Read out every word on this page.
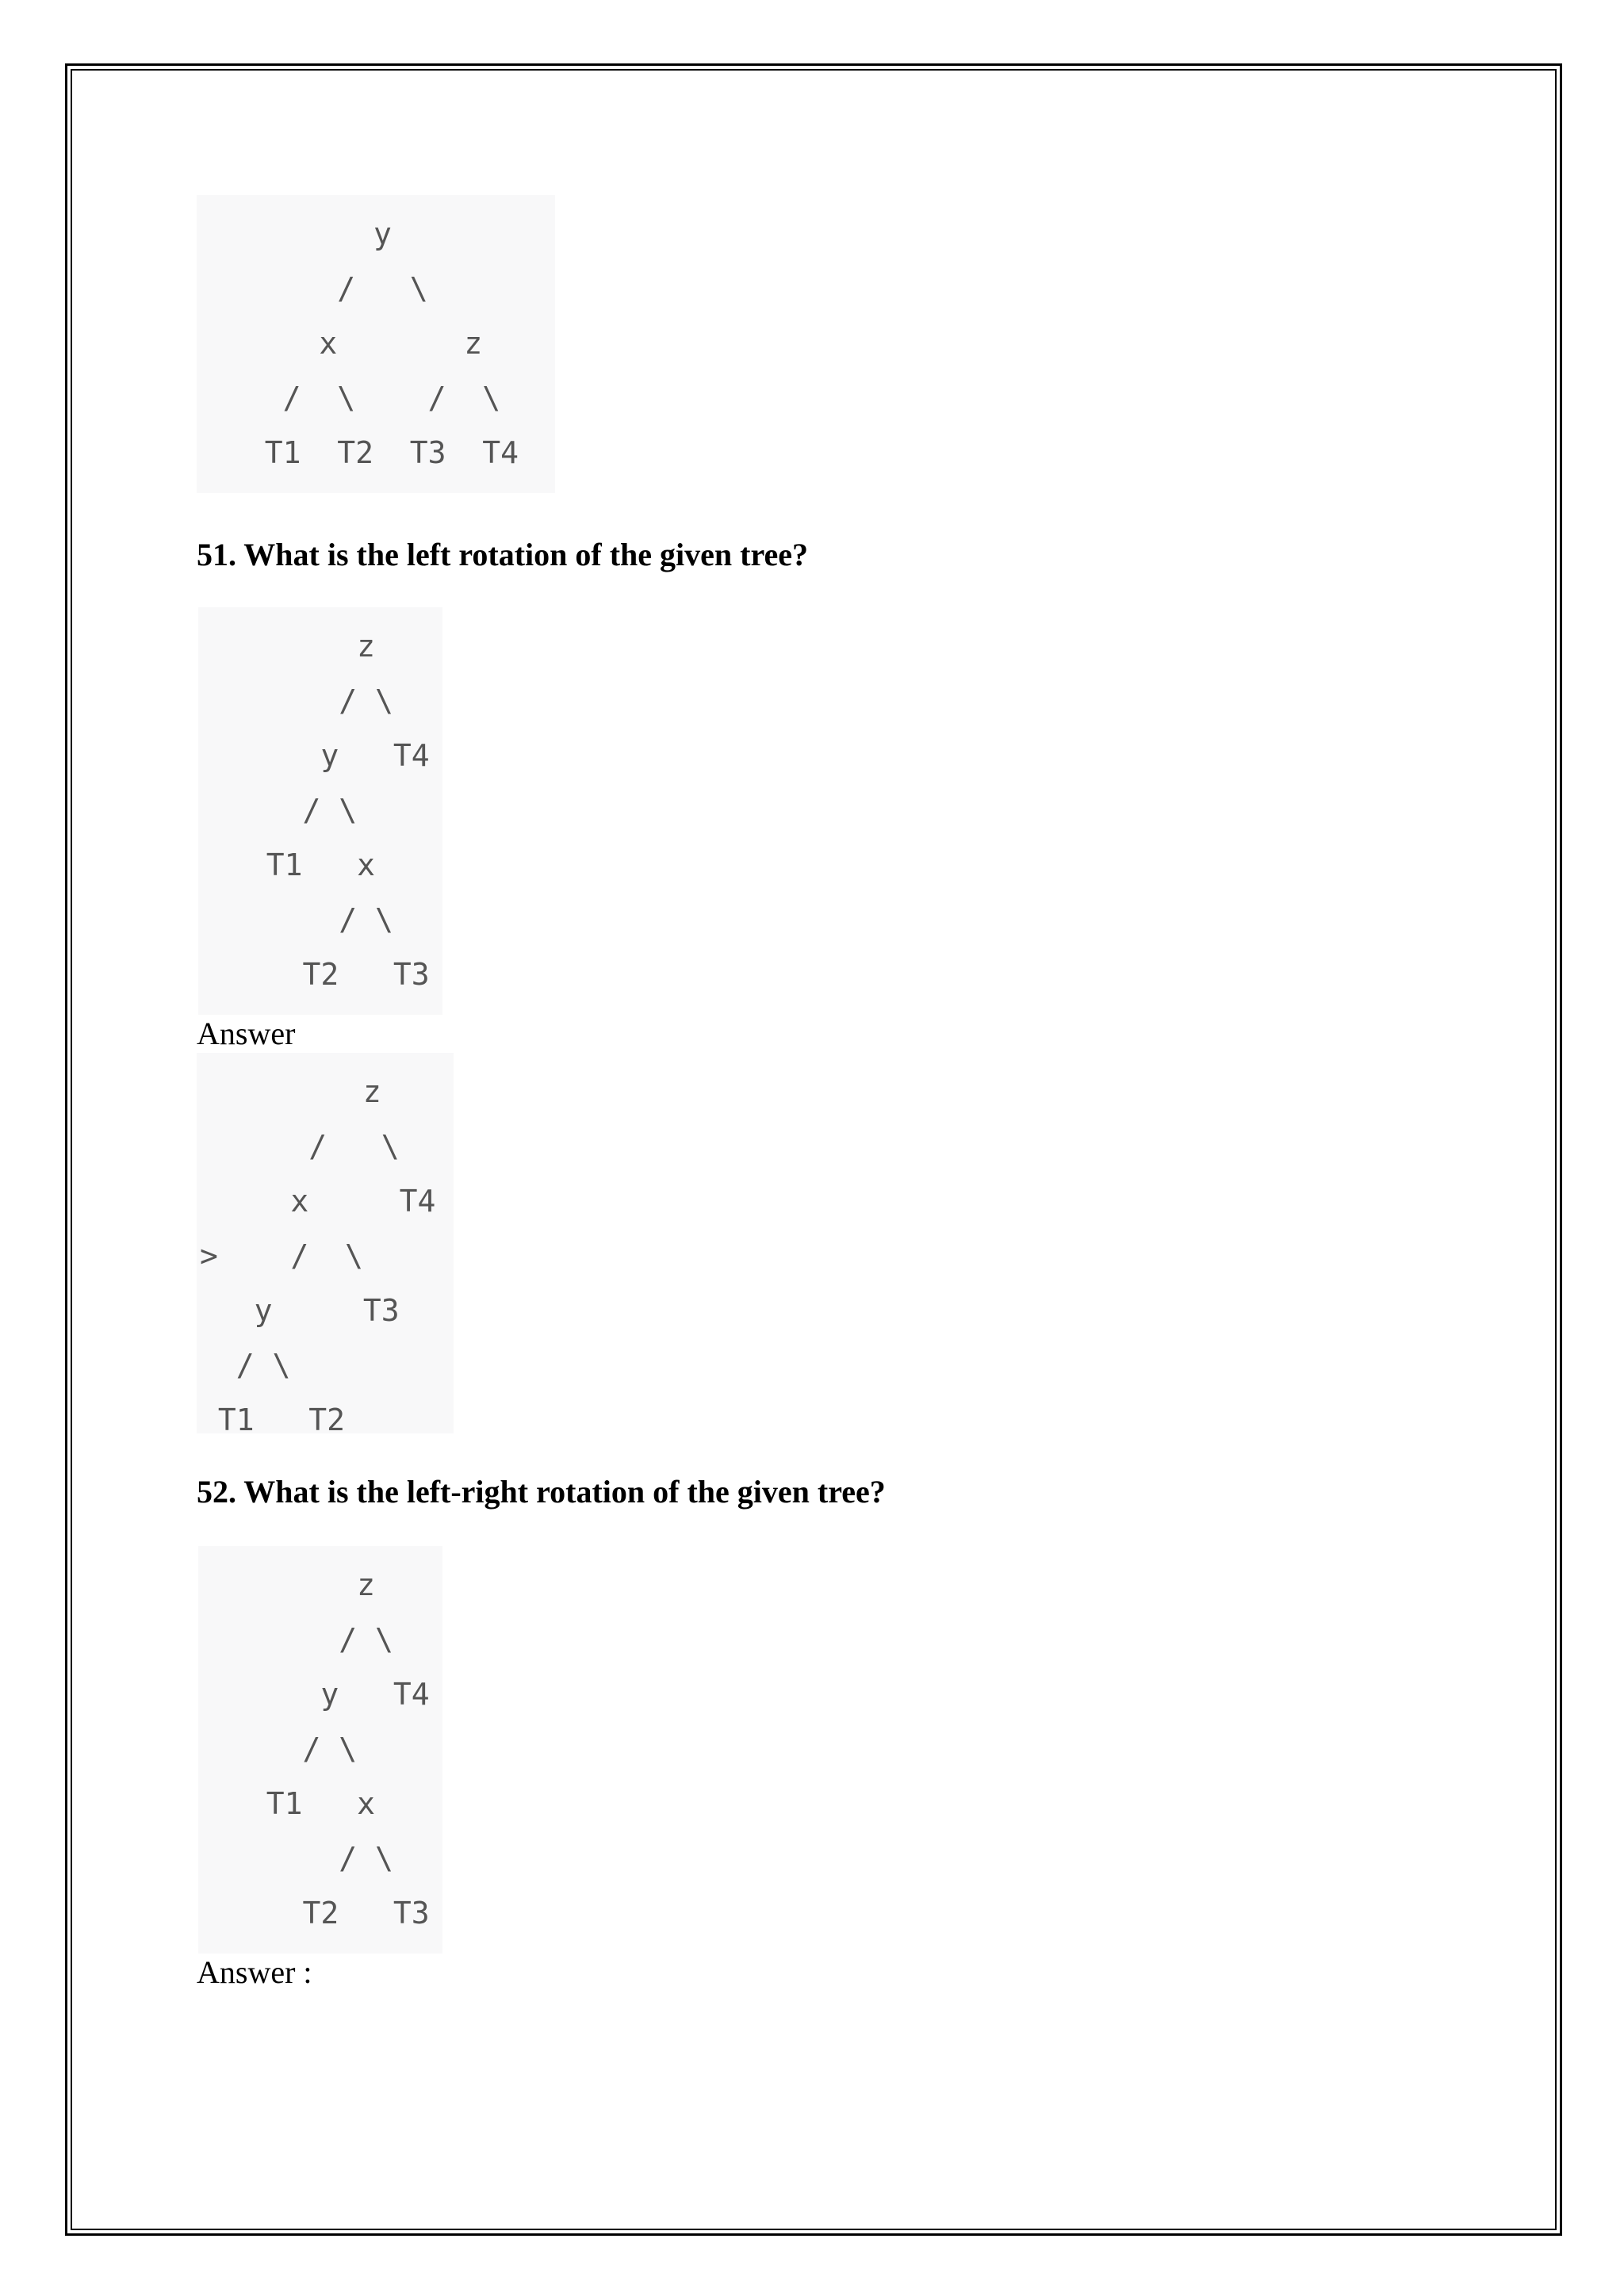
y
/   \
x       z
/  \    /  \
T1  T2  T3  T4

51. What is the left rotation of the given tree?

z
/ \
y   T4
/ \
T1   x
/ \
T2   T3

Answer

z
/   \
x     T4
>    /  \
y     T3
/ \
T1   T2

52. What is the left-right rotation of the given tree?

z
/ \
y   T4
/ \
T1   x
/ \
T2   T3

Answer :
